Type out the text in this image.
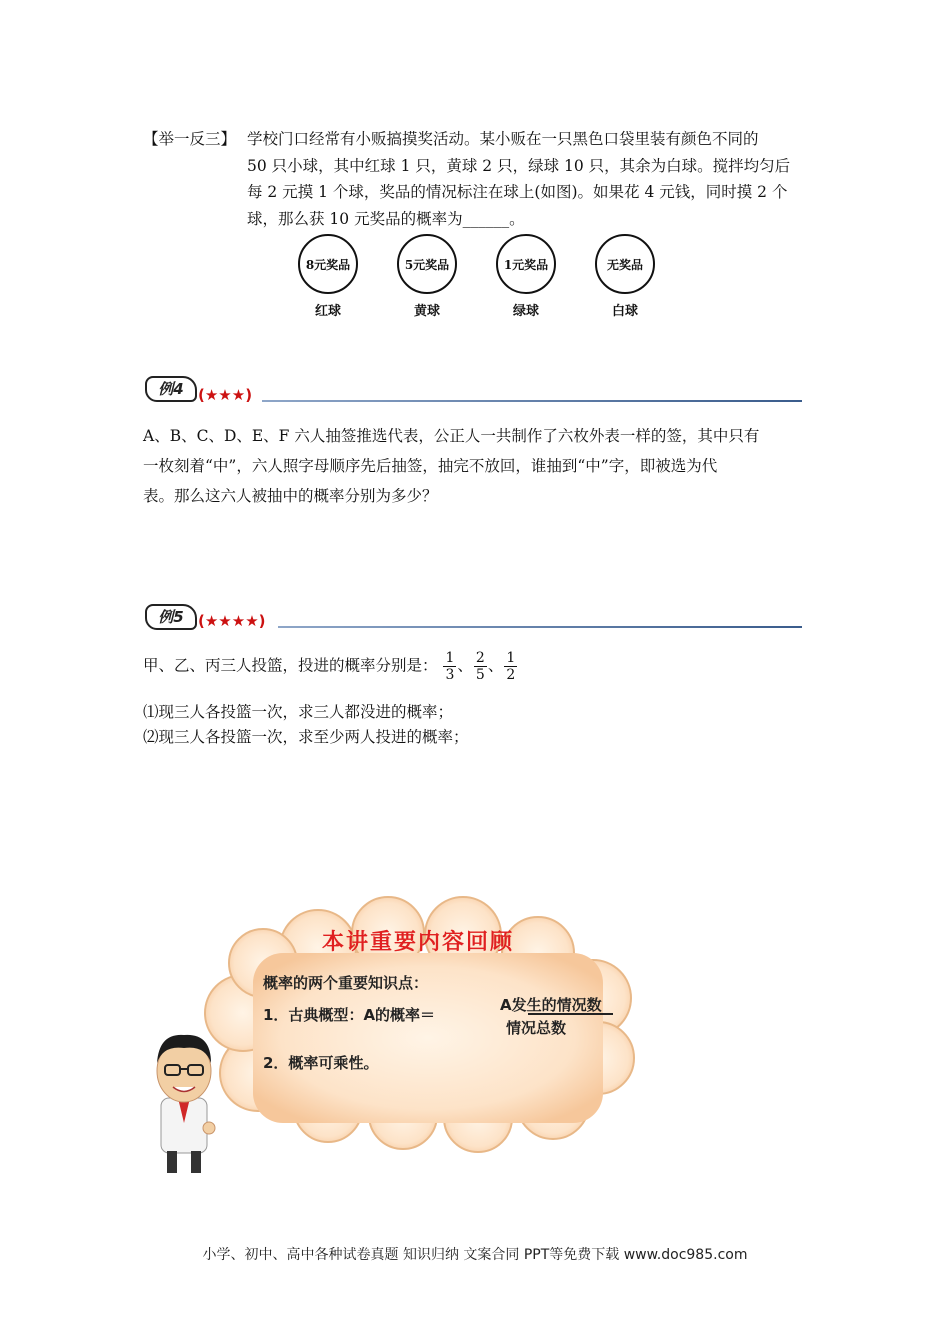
【举一反三】 学校门口经常有小贩搞摸奖活动。某小贩在一只黑色口袋里装有颜色不同的
50 只小球，其中红球 1 只，黄球 2 只，绿球 10 只，其余为白球。搅拌均匀后
每 2 元摸 1 个球，奖品的情况标注在球上(如图)。如果花 4 元钱，同时摸 2 个
球，那么获 10 元奖品的概率为______。
8元奖品
红球
5元奖品
黄球
1元奖品
绿球
无奖品
白球
例4 (★★★)
A、B、C、D、E、F 六人抽签推选代表，公正人一共制作了六枚外表一样的签，其中只有
一枚刻着“中”，六人照字母顺序先后抽签，抽完不放回，谁抽到“中”字，即被选为代
表。那么这六人被抽中的概率分别为多少？
例5 (★★★★)
甲、乙、丙三人投篮，投进的概率分别是： $\frac{1}{3}$ 、 $\frac{2}{5}$ 、 $\frac{1}{2}$
⑴现三人各投篮一次，求三人都没进的概率；
⑵现三人各投篮一次，求至少两人投进的概率；
本讲重要内容回顾
概率的两个重要知识点：
1．古典概型：A的概率＝
A发生的情况数
情况总数
2．概率可乘性。
小学、初中、高中各种试卷真题 知识归纳 文案合同 PPT等免费下载 www.doc985.com
